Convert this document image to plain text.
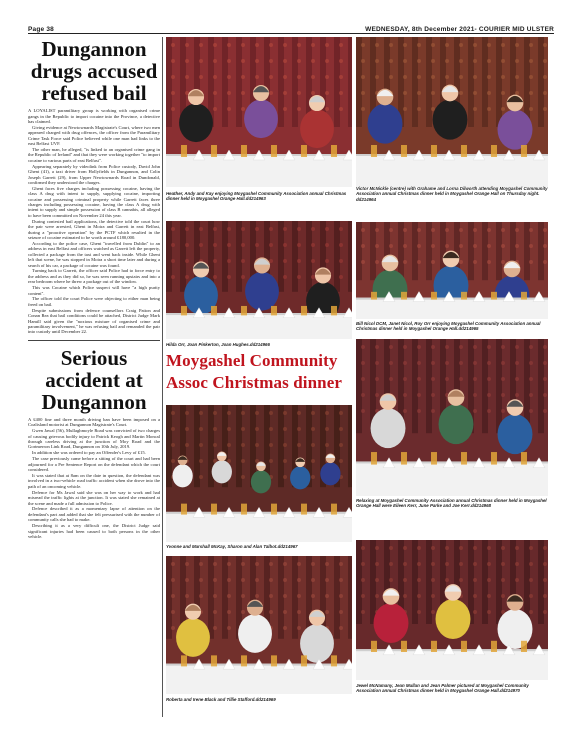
Page 38	WEDNESDAY, 8th December 2021- COURIER MID ULSTER
Dungannon drugs accused refused bail

A LOYALIST paramilitary group is working with organised crime gangs in the Republic to import cocaine into the Province, a detective has claimed.

Giving evidence at Newtownards Magistrate's Court, where two men appeared charged with drug offences, the officer from the Paramilitary Crime Task Force said Police believed while one man had links to the east Belfast UVF.

The other man, he alleged, "is linked to an organised crime gang in the Republic of Ireland" and that they were working together "to import cocaine to various parts of east Belfast".

Appearing separately by videolink from Police custody, David John Ghent (41), a taxi driver from Hollyfields in Dungannon, and Colin Joseph Garrett (29), from Upper Newtownards Road in Dundonald, confirmed they understood the charges.

Ghent faces five charges including possessing cocaine, having the class A drug with intent to supply, supplying cocaine, importing cocaine and possessing criminal property while Garrett faces three charges including possessing cocaine, having the class A drug with intent to supply and simple possession of class B cannabis, all alleged to have been committed on November 24 this year.

During contested bail applications, the detective told the court how the pair were arrested, Ghent in Moira and Garrett in east Belfast, during a "proactive operation" by the PCTF which resulted in the seizure of cocaine estimated to be worth around £180,000.

According to the police case, Ghent "travelled from Dublin" to an address in east Belfast and officers watched as Garrett left the property, collected a package from the taxi and went back inside. While Ghent left that scene, he was stopped in Moira a short time later and during a search of his car, a package of cocaine was found.

Turning back to Garrett, the officer said Police had to force entry to the address and as they did so, he was seen running upstairs and into a rear bedroom where he threw a package out of the window.

This was Cocaine which Police suspect will have "a high purity content".

The officer told the court Police were objecting to either man being freed on bail.

Despite submissions from defence counsellors Craig Patton and Conan Rea that bail conditions could be attached, District Judge Mark Hamill said given the "noxious mixture of organised crime and paramilitary involvement," he was refusing bail and remanded the pair into custody until December 22.

Serious accident at Dungannon

A £400 fine and three month driving ban have been imposed on a Coalisland motorist at Dungannon Magistrate's Court.

Gwen Jawal (56), Mullaghmoyle Road was convicted of two charges of causing grievous bodily injury to Patrick Keogh and Martin Moncal through careless driving at the junction of Moy Road and the Gortmerron Link Road, Dungannon on 10th July, 2019.

In addition she was ordered to pay an Offender's Levy of £15.

The case previously came before a sitting of the court and had been adjourned for a Pre Sentence Report on the defendant which the court considered.

It was stated that at 8am on the date in question, the defendant was involved in a two-vehicle road traffic accident when she drove into the path of an oncoming vehicle.

Defence for Ms Jawal said she was on her way to work and had misread the traffic lights at the junction. It was stated she remained at the scene and made a full admission to Police.

Defence described it as a momentary lapse of attention on the defendant's part and added that she felt pressurised with the number of community calls she had to make.

Describing it as a very difficult one, the District Judge said significant injuries had been caused to both persons in the other vehicle.

Heather, Andy and Kay enjoying Moygashel Community Association annual Christmas dinner held in Moygashel Orange Hall.dd214963
Victor McNickle (centre) with Grahame and Lorna Dilworth attending Moygashel Community Association annual Christmas dinner held in Moygashel Orange Hall on Thursday night. dd214964
Hilda Orr, Joan Pinkerton, Joan Hughes.dd214966
Bill Nicol DCM, Janet Nicol, Roy Orr enjoying Moygashel Community Association annual Christmas dinner held in Moygashel Orange Hall.dd214965
Moygashel Community
Assoc Christmas dinner
Relaxing at Moygashel Community Association annual Christmas dinner held in Moygashel Orange Hall were Eileen Kerr, June Parke and Joe Kerr.dd214968
Yvonne and Marshall McKay, Sharon and Alan Talbot.dd214967
Roberta and Irene Black and Tillie Stafford.dd214969
Jewel McNamany, Jean Mullan and Jean Palmer pictured at Moygashel Community Association annual Christmas dinner held in Moygashel Orange Hall.dd214970
